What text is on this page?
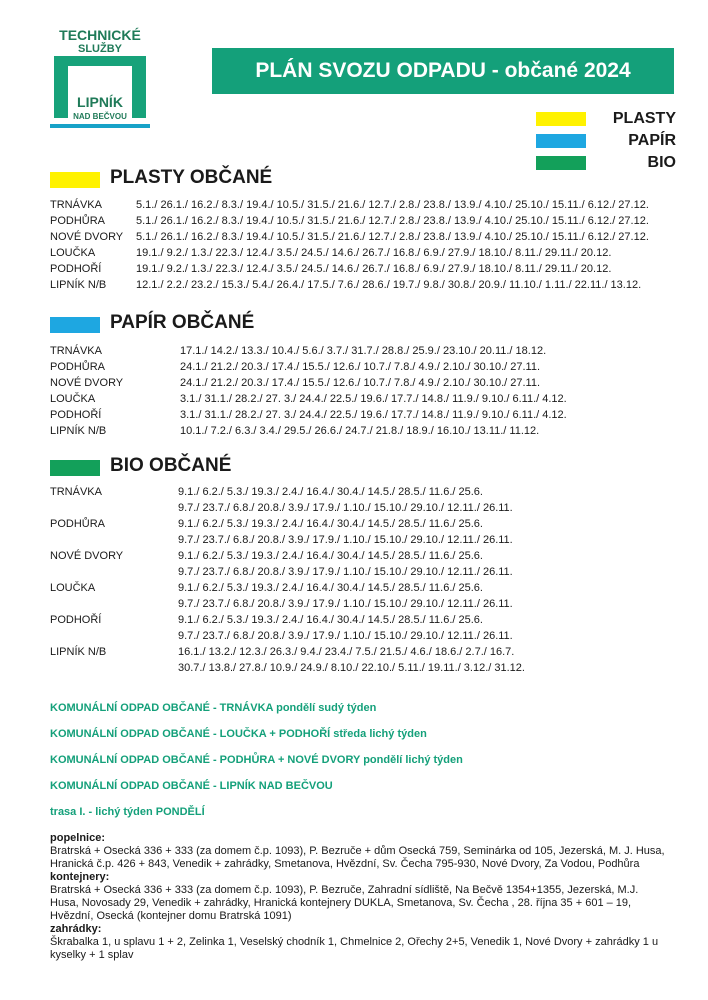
TECHNICKÉ
SLUŽBY
LIPNÍK
NAD BEČVOU
PLÁN SVOZU ODPADU - občané 2024
PLASTY
PAPÍR
BIO
PLASTY OBČANÉ
TRNÁVKA	5.1./ 26.1./ 16.2./ 8.3./ 19.4./ 10.5./ 31.5./ 21.6./ 12.7./ 2.8./ 23.8./ 13.9./ 4.10./ 25.10./ 15.11./ 6.12./ 27.12.
PODHŮRA	5.1./ 26.1./ 16.2./ 8.3./ 19.4./ 10.5./ 31.5./ 21.6./ 12.7./ 2.8./ 23.8./ 13.9./ 4.10./ 25.10./ 15.11./ 6.12./ 27.12.
NOVÉ DVORY 5.1./ 26.1./ 16.2./ 8.3./ 19.4./ 10.5./ 31.5./ 21.6./ 12.7./ 2.8./ 23.8./ 13.9./ 4.10./ 25.10./ 15.11./ 6.12./ 27.12.
LOUČKA	19.1./ 9.2./ 1.3./ 22.3./ 12.4./ 3.5./ 24.5./ 14.6./ 26.7./ 16.8./ 6.9./ 27.9./ 18.10./ 8.11./ 29.11./ 20.12.
PODHOŘÍ	19.1./ 9.2./ 1.3./ 22.3./ 12.4./ 3.5./ 24.5./ 14.6./ 26.7./ 16.8./ 6.9./ 27.9./ 18.10./ 8.11./ 29.11./ 20.12.
LIPNÍK N/B	12.1./ 2.2./ 23.2./ 15.3./ 5.4./ 26.4./ 17.5./ 7.6./ 28.6./ 19.7./ 9.8./ 30.8./ 20.9./ 11.10./ 1.11./ 22.11./ 13.12.
PAPÍR OBČANÉ
TRNÁVKA	17.1./ 14.2./ 13.3./ 10.4./ 5.6./ 3.7./ 31.7./ 28.8./ 25.9./ 23.10./ 20.11./ 18.12.
PODHŮRA	24.1./ 21.2./ 20.3./ 17.4./ 15.5./ 12.6./ 10.7./ 7.8./ 4.9./ 2.10./ 30.10./ 27.11.
NOVÉ DVORY	24.1./ 21.2./ 20.3./ 17.4./ 15.5./ 12.6./ 10.7./ 7.8./ 4.9./ 2.10./ 30.10./ 27.11.
LOUČKA	3.1./ 31.1./ 28.2./ 27. 3./ 24.4./ 22.5./ 19.6./ 17.7./ 14.8./ 11.9./ 9.10./ 6.11./ 4.12.
PODHOŘÍ	3.1./ 31.1./ 28.2./ 27. 3./ 24.4./ 22.5./ 19.6./ 17.7./ 14.8./ 11.9./ 9.10./ 6.11./ 4.12.
LIPNÍK N/B	10.1./ 7.2./ 6.3./ 3.4./ 29.5./ 26.6./ 24.7./ 21.8./ 18.9./ 16.10./ 13.11./ 11.12.
BIO OBČANÉ
TRNÁVKA	9.1./ 6.2./ 5.3./ 19.3./ 2.4./ 16.4./ 30.4./ 14.5./ 28.5./ 11.6./ 25.6.
9.7./ 23.7./ 6.8./ 20.8./ 3.9./ 17.9./ 1.10./ 15.10./ 29.10./ 12.11./ 26.11.
PODHŮRA	9.1./ 6.2./ 5.3./ 19.3./ 2.4./ 16.4./ 30.4./ 14.5./ 28.5./ 11.6./ 25.6.
9.7./ 23.7./ 6.8./ 20.8./ 3.9./ 17.9./ 1.10./ 15.10./ 29.10./ 12.11./ 26.11.
NOVÉ DVORY	9.1./ 6.2./ 5.3./ 19.3./ 2.4./ 16.4./ 30.4./ 14.5./ 28.5./ 11.6./ 25.6.
9.7./ 23.7./ 6.8./ 20.8./ 3.9./ 17.9./ 1.10./ 15.10./ 29.10./ 12.11./ 26.11.
LOUČKA	9.1./ 6.2./ 5.3./ 19.3./ 2.4./ 16.4./ 30.4./ 14.5./ 28.5./ 11.6./ 25.6.
9.7./ 23.7./ 6.8./ 20.8./ 3.9./ 17.9./ 1.10./ 15.10./ 29.10./ 12.11./ 26.11.
PODHOŘÍ	9.1./ 6.2./ 5.3./ 19.3./ 2.4./ 16.4./ 30.4./ 14.5./ 28.5./ 11.6./ 25.6.
9.7./ 23.7./ 6.8./ 20.8./ 3.9./ 17.9./ 1.10./ 15.10./ 29.10./ 12.11./ 26.11.
LIPNÍK N/B	16.1./ 13.2./ 12.3./ 26.3./ 9.4./ 23.4./ 7.5./ 21.5./ 4.6./ 18.6./ 2.7./ 16.7.
30.7./ 13.8./ 27.8./ 10.9./ 24.9./ 8.10./ 22.10./ 5.11./ 19.11./ 3.12./ 31.12.
KOMUNÁLNÍ ODPAD OBČANÉ - TRNÁVKA pondělí sudý týden
KOMUNÁLNÍ ODPAD OBČANÉ - LOUČKA + PODHOŘÍ středa lichý týden
KOMUNÁLNÍ ODPAD OBČANÉ - PODHŮRA + NOVÉ DVORY pondělí lichý týden
KOMUNÁLNÍ ODPAD OBČANÉ - LIPNÍK NAD BEČVOU
trasa I. - lichý týden PONDĚLÍ
popelnice:
Bratrská + Osecká 336 + 333 (za domem č.p. 1093), P. Bezruče + dům Osecká 759, Seminárka od 105, Jezerská, M. J. Husa, Hranická č.p. 426 + 843, Venedik + zahrádky, Smetanova, Hvězdní, Sv. Čecha 795-930, Nové Dvory, Za Vodou, Podhůra
kontejnery:
Bratrská + Osecká 336 + 333 (za domem č.p. 1093), P. Bezruče, Zahradní sídliště, Na Bečvě 1354+1355, Jezerská, M.J. Husa, Novosady 29, Venedik + zahrádky, Hranická kontejnery DUKLA, Smetanova, Sv. Čecha , 28. října 35 + 601 – 19, Hvězdní, Osecká (kontejner domu Bratrská 1091)
zahrádky:
Škrabalka 1, u splavu 1 + 2, Zelinka 1, Veselský chodník 1, Chmelnice 2, Ořechy 2+5, Venedik 1, Nové Dvory + zahrádky 1 u kyselky + 1 splav
